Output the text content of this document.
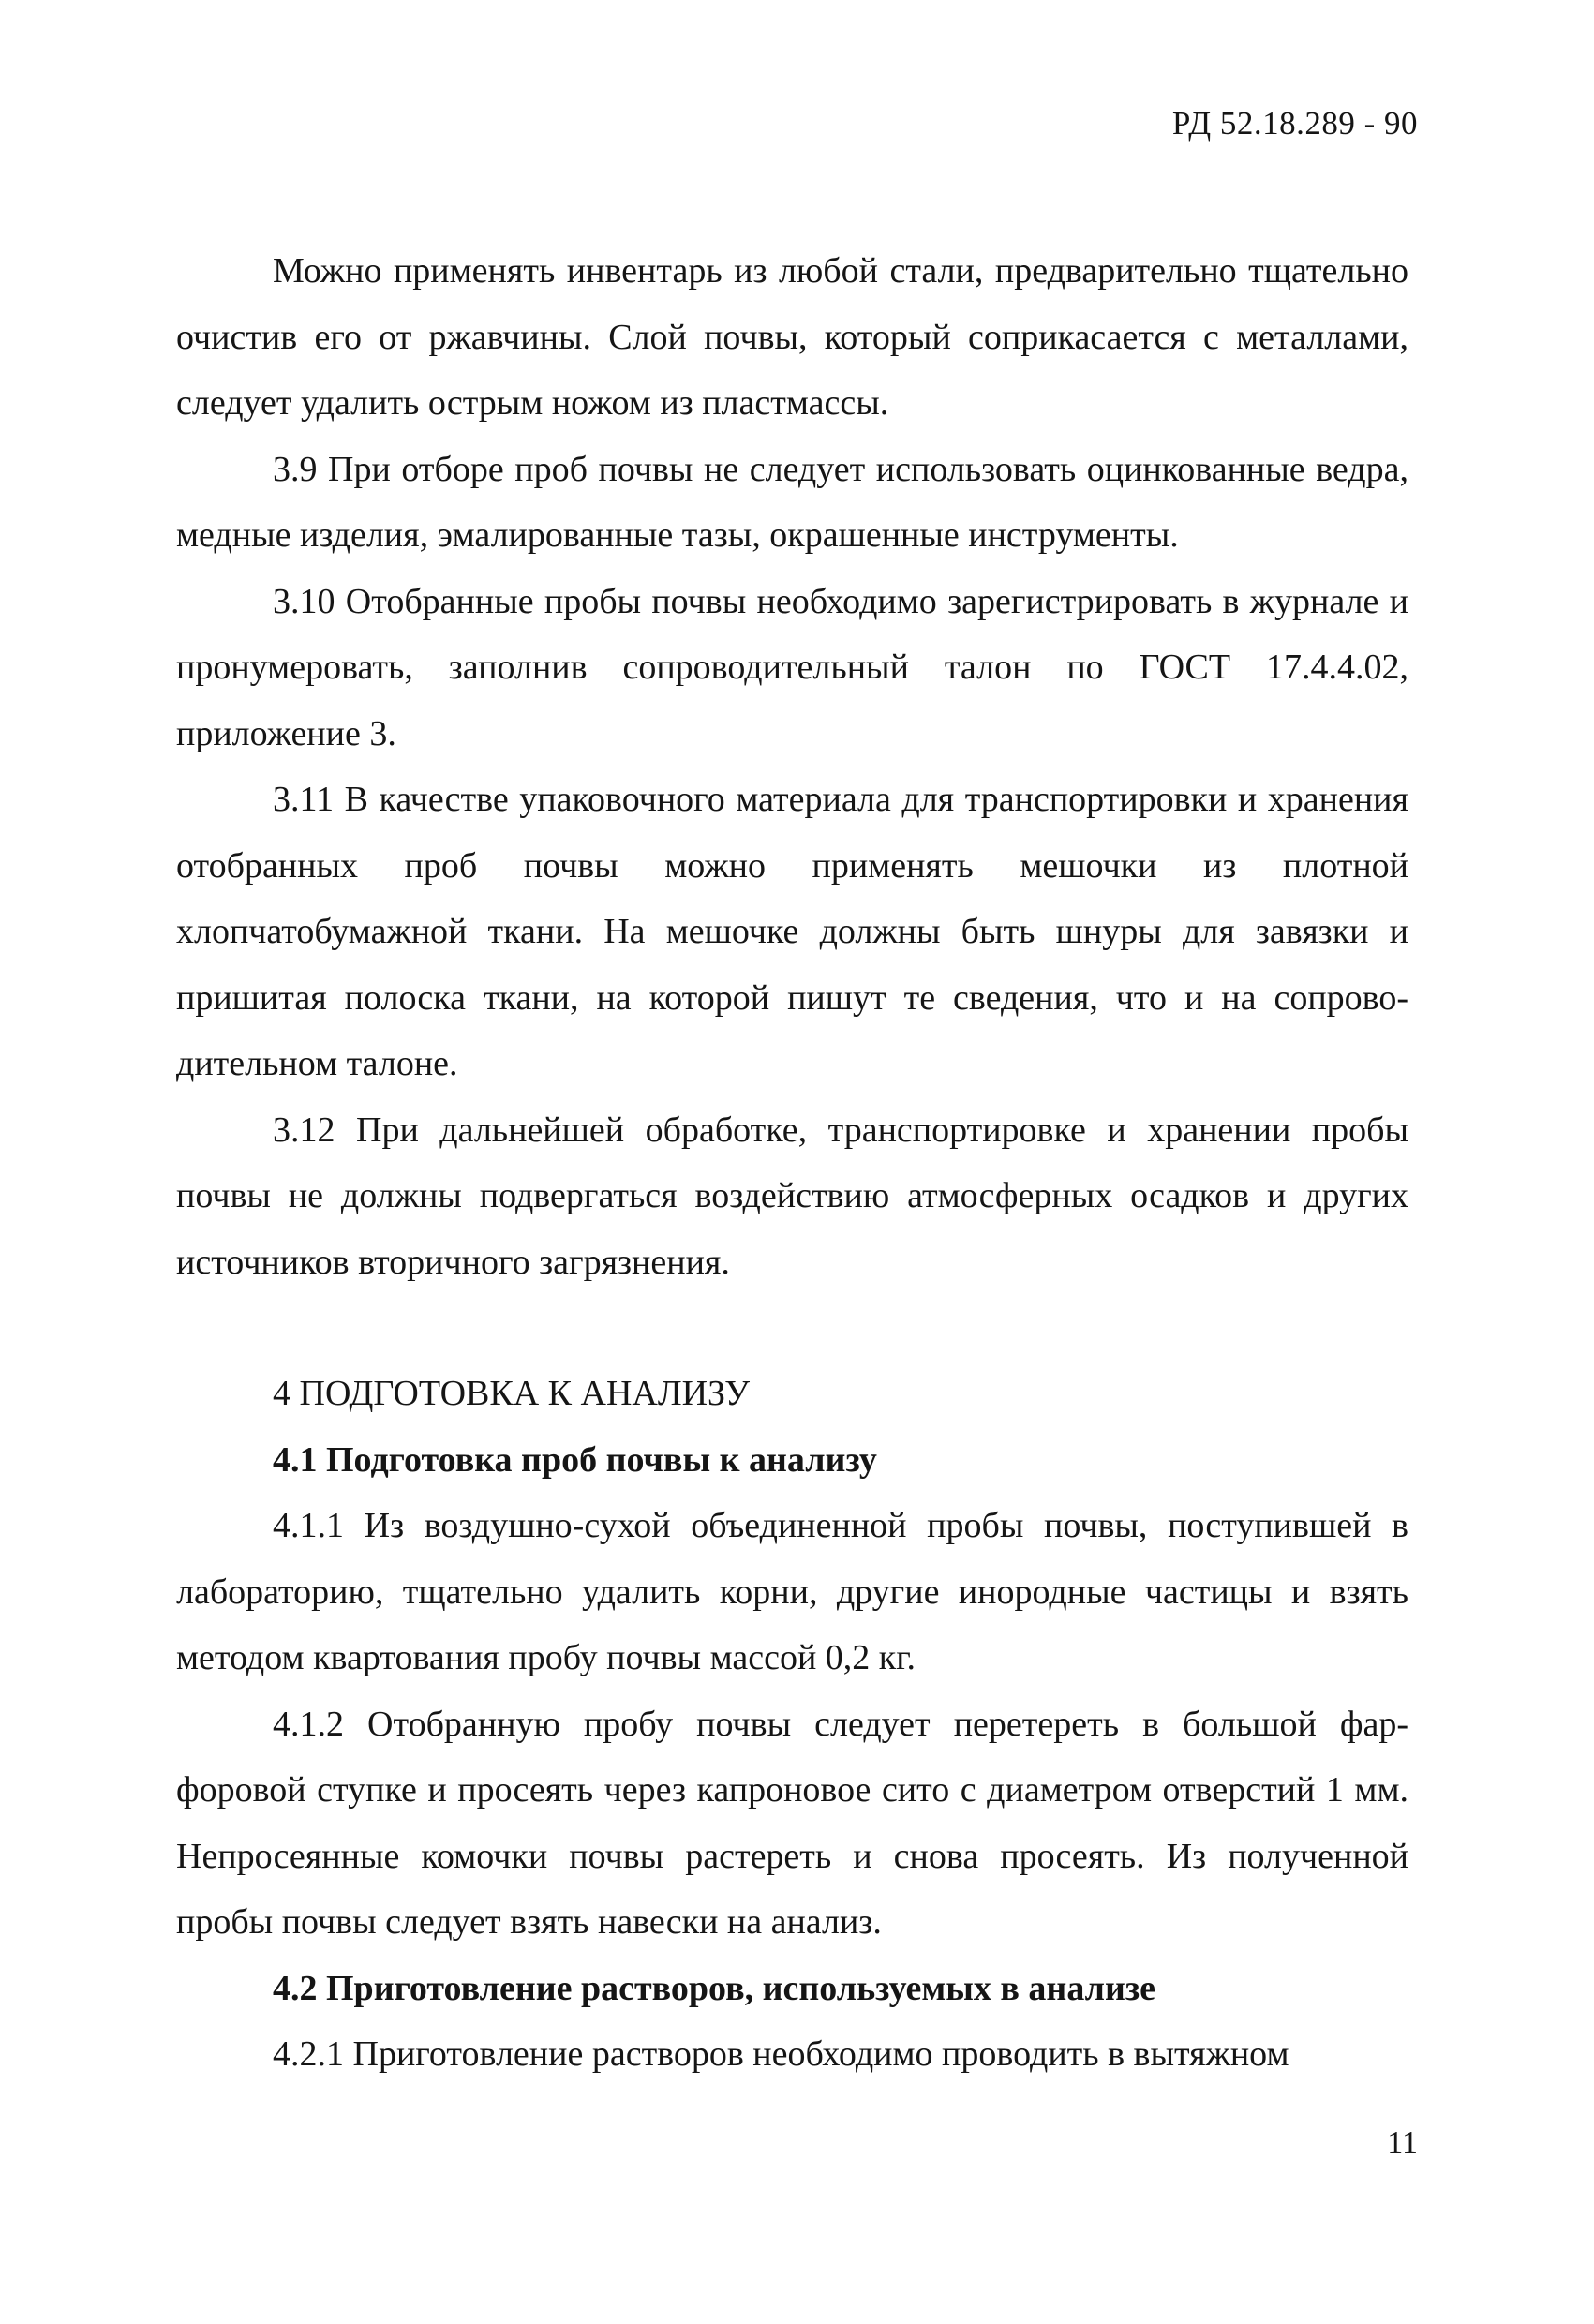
РД 52.18.289 - 90

Можно применять инвентарь из любой стали, предварительно тщательно очистив его от ржавчины. Слой почвы, который соприкасается с металлами, следует удалить острым ножом из пластмассы.

3.9 При отборе проб почвы не следует использовать оцинкованные ведра, медные изделия, эмалированные тазы, окрашенные инструменты.

3.10 Отобранные пробы почвы необходимо зарегистрировать в журнале и пронумеровать, заполнив сопроводительный талон по ГОСТ 17.4.4.02, приложение 3.

3.11 В качестве упаковочного материала для транспортировки и хранения отобранных проб почвы можно применять мешочки из плотной хлопчатобумажной ткани. На мешочке должны быть шнуры для завязки и пришитая полоска ткани, на которой пишут те сведения, что и на сопроводительном талоне.

3.12 При дальнейшей обработке, транспортировке и хранении пробы почвы не должны подвергаться воздействию атмосферных осадков и других источников вторичного загрязнения.

4 ПОДГОТОВКА К АНАЛИЗУ
4.1 Подготовка проб почвы к анализу

4.1.1 Из воздушно-сухой объединенной пробы почвы, поступившей в лабораторию, тщательно удалить корни, другие инородные частицы и взять методом квартования пробу почвы массой 0,2 кг.

4.1.2 Отобранную пробу почвы следует перетереть в большой фарфоровой ступке и просеять через капроновое сито с диаметром отверстий 1 мм. Непросеянные комочки почвы растереть и снова просеять. Из полученной пробы почвы следует взять навески на анализ.

4.2 Приготовление растворов, используемых в анализе

4.2.1 Приготовление растворов необходимо проводить в вытяжном

11
